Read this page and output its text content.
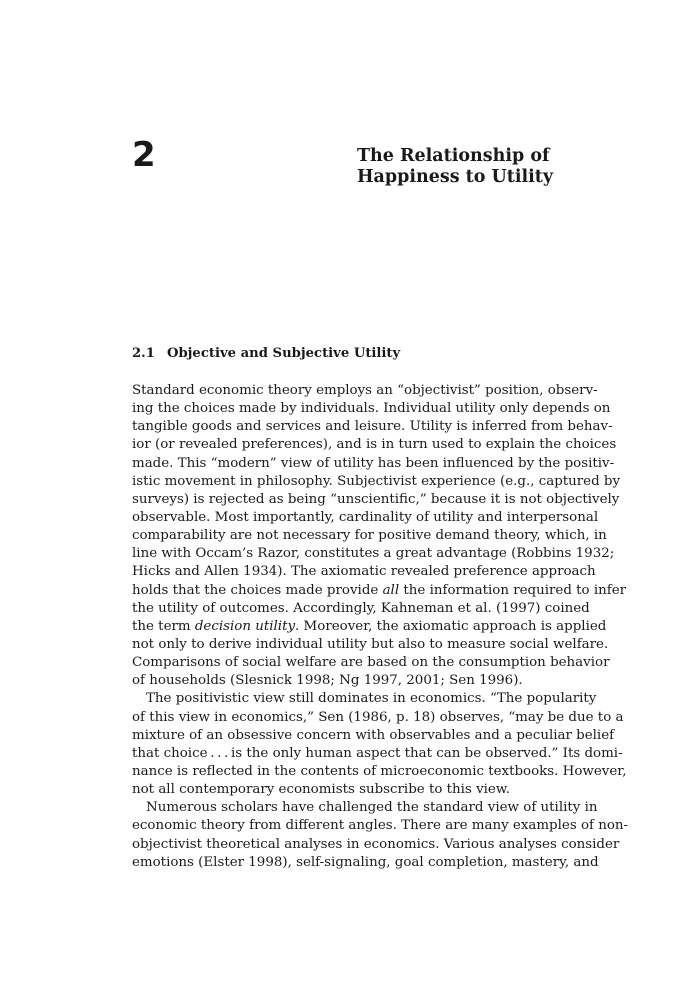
2	The Relationship of
Happiness to Utility
2.1 Objective and Subjective Utility
Standard economic theory employs an “objectivist” position, observ-
ing the choices made by individuals. Individual utility only depends on
tangible goods and services and leisure. Utility is inferred from behav-
ior (or revealed preferences), and is in turn used to explain the choices
made. This “modern” view of utility has been influenced by the positiv-
istic movement in philosophy. Subjectivist experience (e.g., captured by
surveys) is rejected as being “unscientific,” because it is not objectively
observable. Most importantly, cardinality of utility and interpersonal
comparability are not necessary for positive demand theory, which, in
line with Occam’s Razor, constitutes a great advantage (Robbins 1932;
Hicks and Allen 1934). The axiomatic revealed preference approach
holds that the choices made provide all the information required to infer
the utility of outcomes. Accordingly, Kahneman et al. (1997) coined
the term decision utility. Moreover, the axiomatic approach is applied
not only to derive individual utility but also to measure social welfare.
Comparisons of social welfare are based on the consumption behavior
of households (Slesnick 1998; Ng 1997, 2001; Sen 1996).
The positivistic view still dominates in economics. “The popularity
of this view in economics,” Sen (1986, p. 18) observes, “may be due to a
mixture of an obsessive concern with observables and a peculiar belief
that choice . . . is the only human aspect that can be observed.” Its domi-
nance is reflected in the contents of microeconomic textbooks. However,
not all contemporary economists subscribe to this view.
Numerous scholars have challenged the standard view of utility in
economic theory from different angles. There are many examples of non-
objectivist theoretical analyses in economics. Various analyses consider
emotions (Elster 1998), self-signaling, goal completion, mastery, and
